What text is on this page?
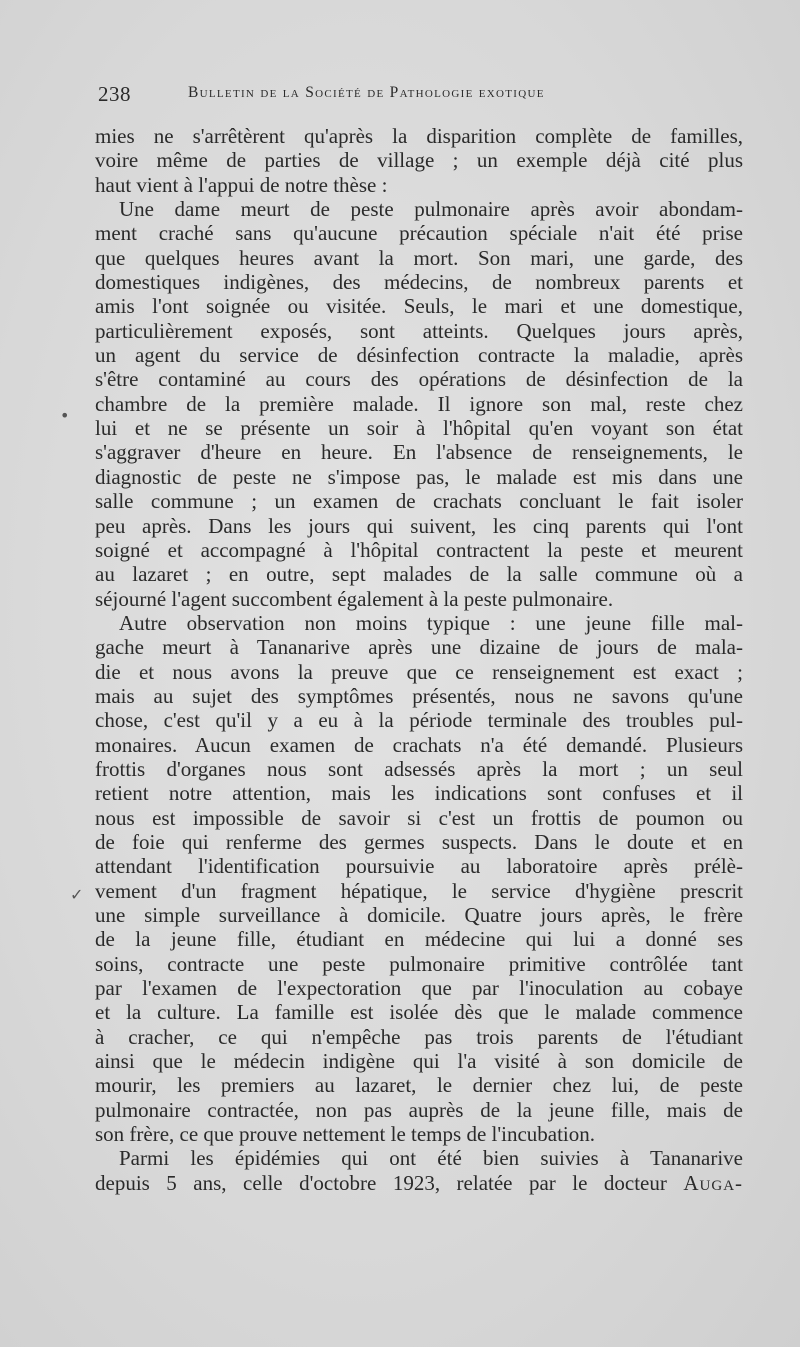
238	Bulletin de la Société de Pathologie exotique
•
✓
mies ne s'arrêtèrent qu'après la disparition complète de familles,
voire même de parties de village ; un exemple déjà cité plus
haut vient à l'appui de notre thèse :
Une dame meurt de peste pulmonaire après avoir abondam-
ment craché sans qu'aucune précaution spéciale n'ait été prise
que quelques heures avant la mort. Son mari, une garde, des
domestiques indigènes, des médecins, de nombreux parents et
amis l'ont soignée ou visitée. Seuls, le mari et une domestique,
particulièrement exposés, sont atteints. Quelques jours après,
un agent du service de désinfection contracte la maladie, après
s'être contaminé au cours des opérations de désinfection de la
chambre de la première malade. Il ignore son mal, reste chez
lui et ne se présente un soir à l'hôpital qu'en voyant son état
s'aggraver d'heure en heure. En l'absence de renseignements, le
diagnostic de peste ne s'impose pas, le malade est mis dans une
salle commune ; un examen de crachats concluant le fait isoler
peu après. Dans les jours qui suivent, les cinq parents qui l'ont
soigné et accompagné à l'hôpital contractent la peste et meurent
au lazaret ; en outre, sept malades de la salle commune où a
séjourné l'agent succombent également à la peste pulmonaire.
Autre observation non moins typique : une jeune fille mal-
gache meurt à Tananarive après une dizaine de jours de mala-
die et nous avons la preuve que ce renseignement est exact ;
mais au sujet des symptômes présentés, nous ne savons qu'une
chose, c'est qu'il y a eu à la période terminale des troubles pul-
monaires. Aucun examen de crachats n'a été demandé. Plusieurs
frottis d'organes nous sont adsessés après la mort ; un seul
retient notre attention, mais les indications sont confuses et il
nous est impossible de savoir si c'est un frottis de poumon ou
de foie qui renferme des germes suspects. Dans le doute et en
attendant l'identification poursuivie au laboratoire après prélè-
vement d'un fragment hépatique, le service d'hygiène prescrit
une simple surveillance à domicile. Quatre jours après, le frère
de la jeune fille, étudiant en médecine qui lui a donné ses
soins, contracte une peste pulmonaire primitive contrôlée tant
par l'examen de l'expectoration que par l'inoculation au cobaye
et la culture. La famille est isolée dès que le malade commence
à cracher, ce qui n'empêche pas trois parents de l'étudiant
ainsi que le médecin indigène qui l'a visité à son domicile de
mourir, les premiers au lazaret, le dernier chez lui, de peste
pulmonaire contractée, non pas auprès de la jeune fille, mais de
son frère, ce que prouve nettement le temps de l'incubation.
Parmi les épidémies qui ont été bien suivies à Tananarive
depuis 5 ans, celle d'octobre 1923, relatée par le docteur Auga-
